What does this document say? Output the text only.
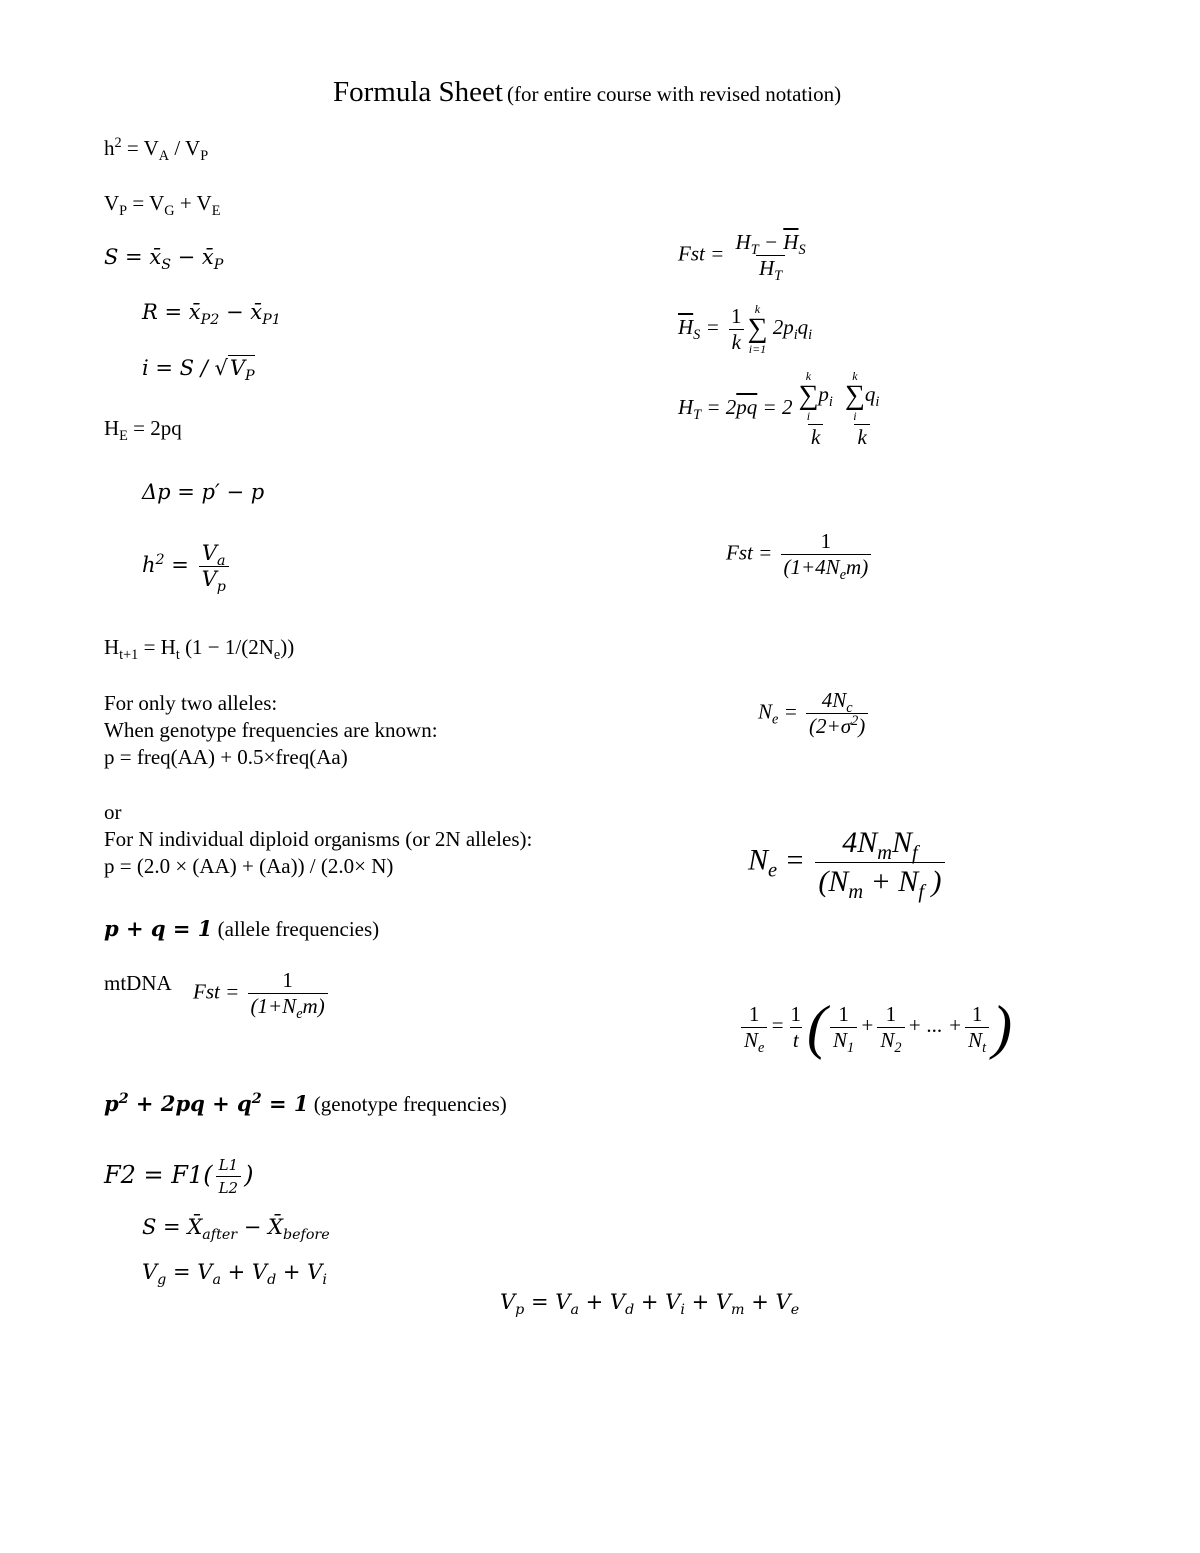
Formula Sheet (for entire course with revised notation)
$h^2 = V_A / V_P$
$V_P = V_G + V_E$
$S = x̄_S$ − $x̄_P$
$R = x̄_{P2}$ − $x̄_{P1}$
$i = S / √V_P$
$H_E = 2pq$
Δp = p′ − p
$h^2 = \frac{V_a}{V_p}$
$H_{t+1} = H_t$ $(1 - 1/(2N_e))$
For only two alleles:
When genotype frequencies are known:
p = freq(AA) + 0.5×freq(Aa)
or
For N individual diploid organisms (or 2N alleles):
p = (2.0 × (AA) + (Aa)) / (2.0× N)
p + q = 1 (allele frequencies)
mtDNA Fst = $\frac{1}{(1+N_em)}$
$p^2 + 2pq + q^2 = 1$ (genotype frequencies)
$F2 = F1( \frac{L1}{L2}$ )
$S = X̄_{after}$ − $X̄_{before}$
$V_g = V_a + V_d + V_i$
$V_p = V_a + V_d + V_i + V_m + V_e$
Fst = $\frac{H_T - \overline{H}_S}{H_T}$
$\overline{H}_S = \frac{1}{k}$ k
∑
i=1
$2p_iq_i$
$H_T = 2\overline{pq} = 2$ k
∑
i
$p_i$
k k
∑
i
$q_i$
k
Fst = $\frac{1}{(1+4N_em)}$
$N_e = \frac{4N_c}{(2+\sigma^2)}$
$N_e = \frac{4N_mN_f}{(N_m + N_f )}$
$\frac{1}{N_e} = \frac{1}{t}$ ( $\frac{1}{N_1} + \frac{1}{N_2}$ + ... + $\frac{1}{N_t}$ )
